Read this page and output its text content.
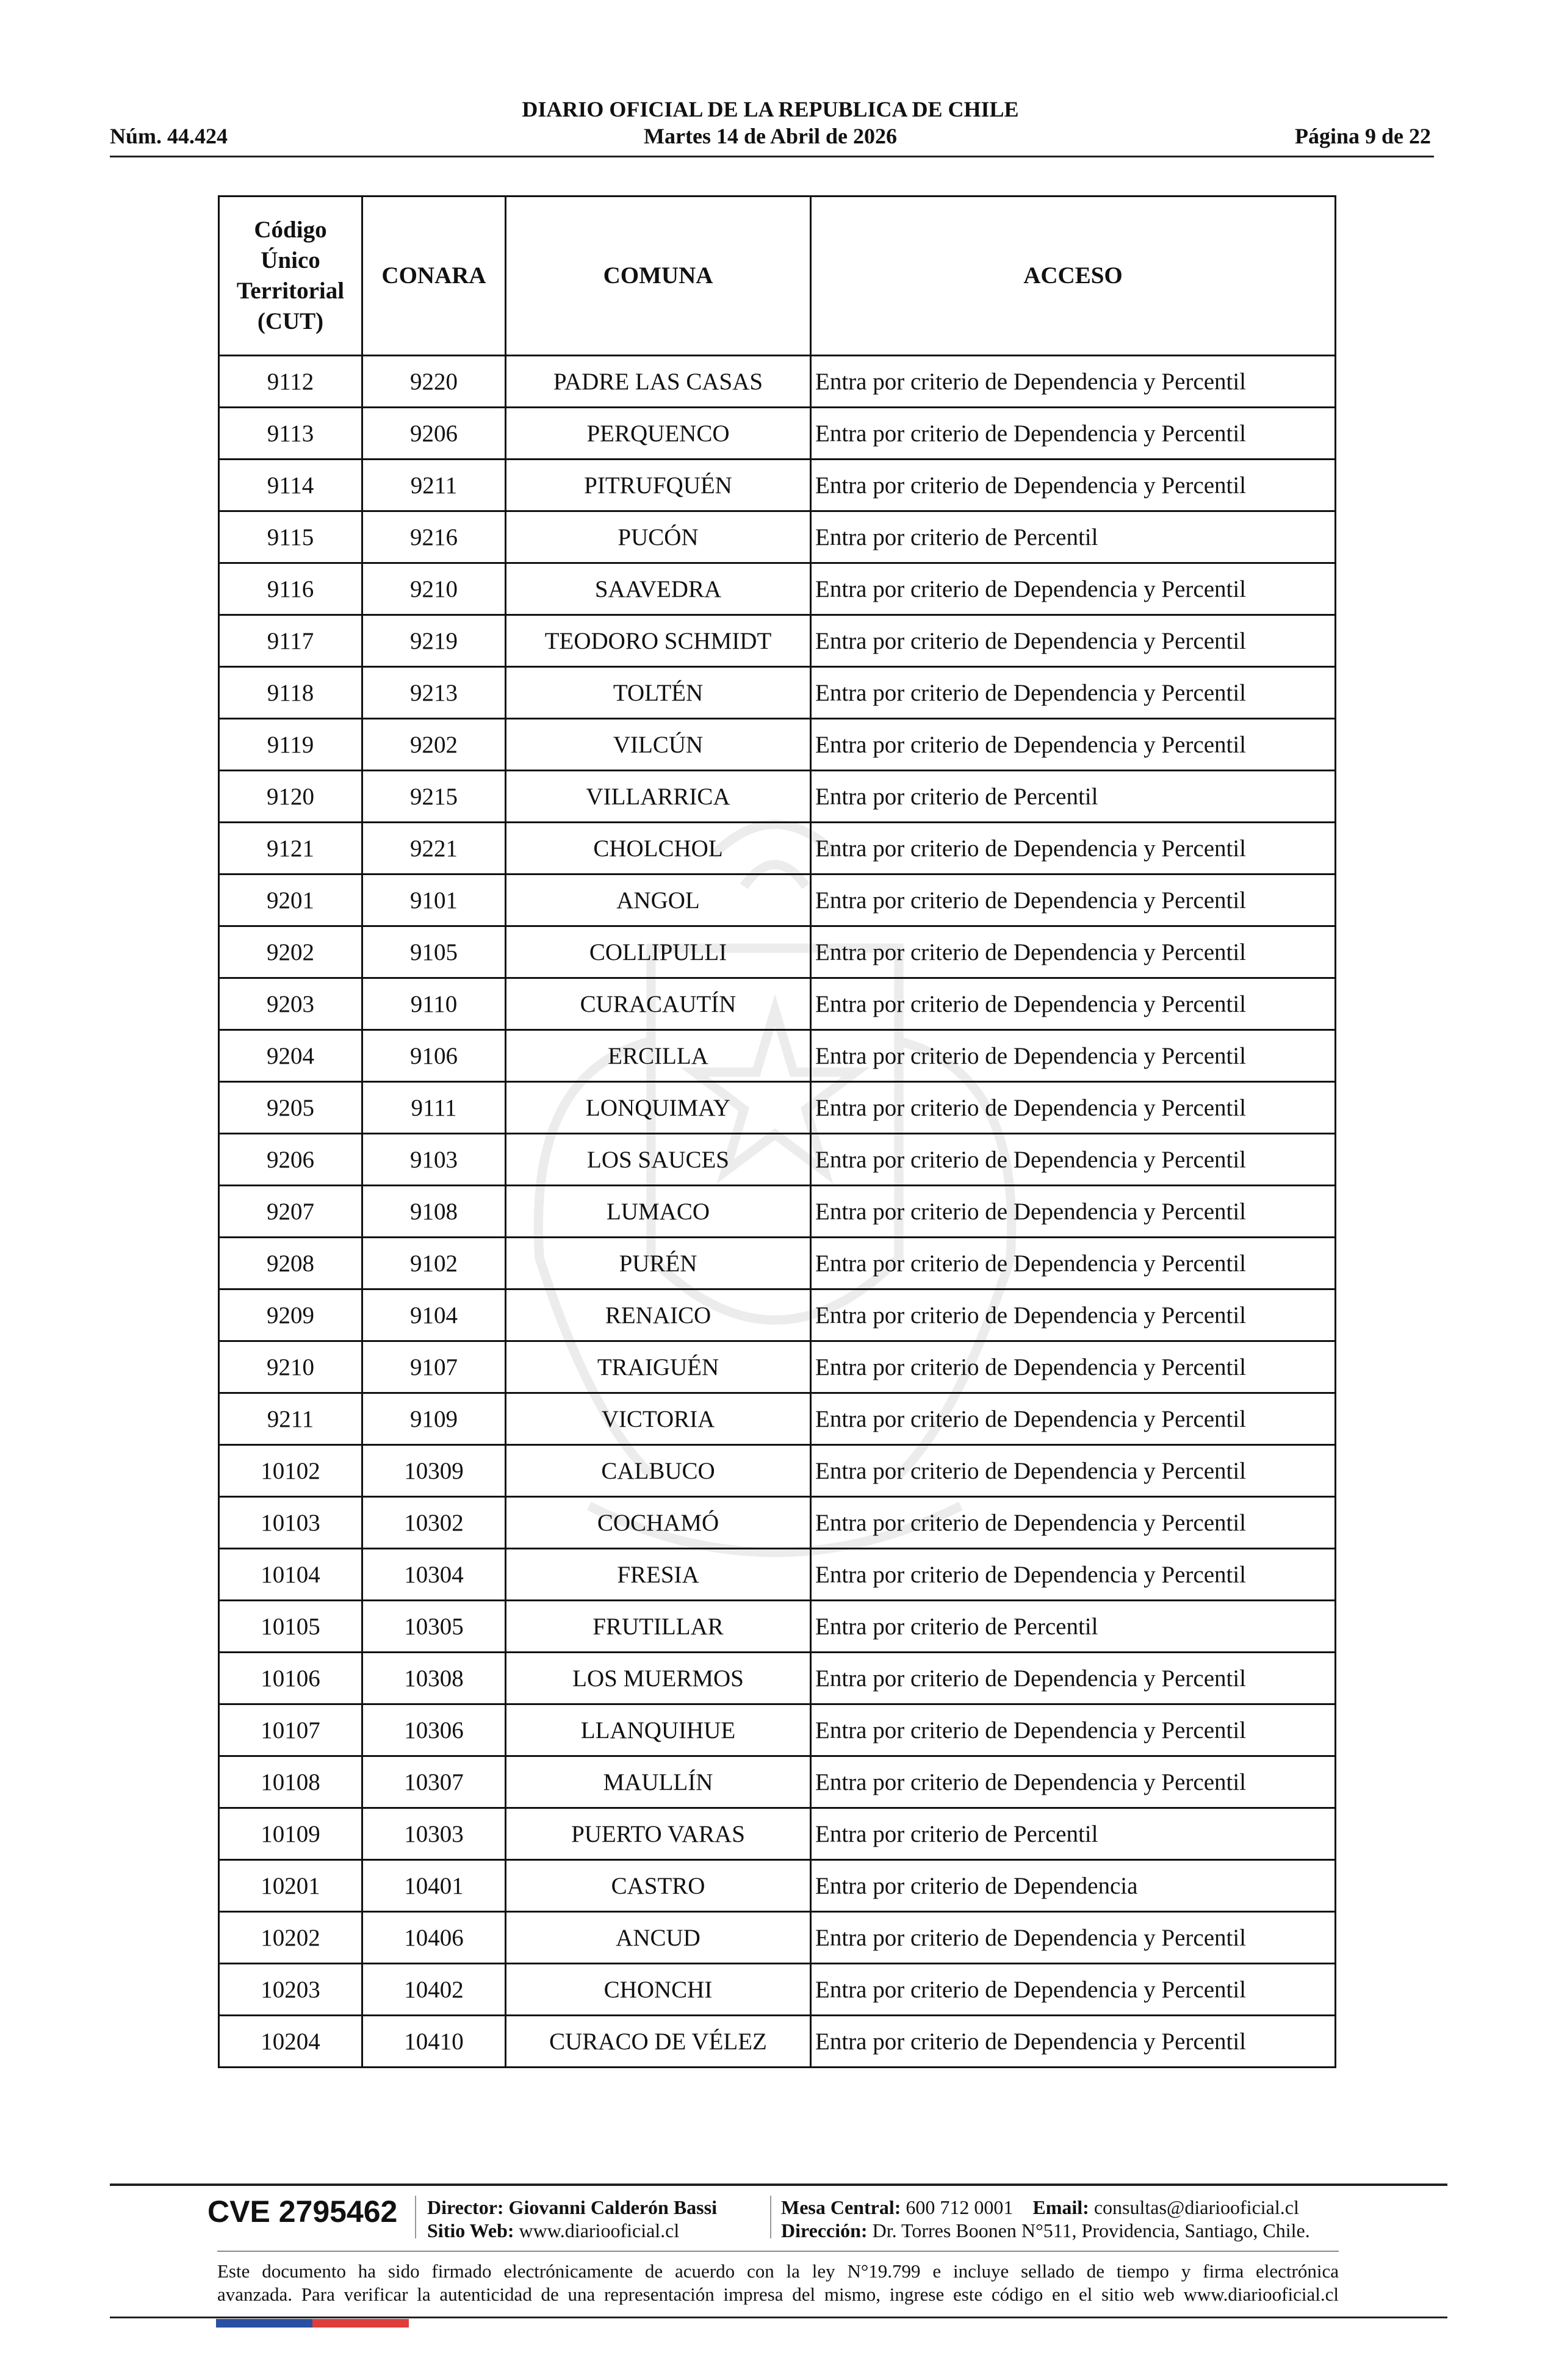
DIARIO OFICIAL DE LA REPUBLICA DE CHILE
Núm. 44.424	Martes 14 de Abril de 2026	Página 9 de 22
Código Único Territorial (CUT)	CONARA	COMUNA	ACCESO
9112	9220	PADRE LAS CASAS	Entra por criterio de Dependencia y Percentil
9113	9206	PERQUENCO	Entra por criterio de Dependencia y Percentil
9114	9211	PITRUFQUÉN	Entra por criterio de Dependencia y Percentil
9115	9216	PUCÓN	Entra por criterio de Percentil
9116	9210	SAAVEDRA	Entra por criterio de Dependencia y Percentil
9117	9219	TEODORO SCHMIDT	Entra por criterio de Dependencia y Percentil
9118	9213	TOLTÉN	Entra por criterio de Dependencia y Percentil
9119	9202	VILCÚN	Entra por criterio de Dependencia y Percentil
9120	9215	VILLARRICA	Entra por criterio de Percentil
9121	9221	CHOLCHOL	Entra por criterio de Dependencia y Percentil
9201	9101	ANGOL	Entra por criterio de Dependencia y Percentil
9202	9105	COLLIPULLI	Entra por criterio de Dependencia y Percentil
9203	9110	CURACAUTÍN	Entra por criterio de Dependencia y Percentil
9204	9106	ERCILLA	Entra por criterio de Dependencia y Percentil
9205	9111	LONQUIMAY	Entra por criterio de Dependencia y Percentil
9206	9103	LOS SAUCES	Entra por criterio de Dependencia y Percentil
9207	9108	LUMACO	Entra por criterio de Dependencia y Percentil
9208	9102	PURÉN	Entra por criterio de Dependencia y Percentil
9209	9104	RENAICO	Entra por criterio de Dependencia y Percentil
9210	9107	TRAIGUÉN	Entra por criterio de Dependencia y Percentil
9211	9109	VICTORIA	Entra por criterio de Dependencia y Percentil
10102	10309	CALBUCO	Entra por criterio de Dependencia y Percentil
10103	10302	COCHAMÓ	Entra por criterio de Dependencia y Percentil
10104	10304	FRESIA	Entra por criterio de Dependencia y Percentil
10105	10305	FRUTILLAR	Entra por criterio de Percentil
10106	10308	LOS MUERMOS	Entra por criterio de Dependencia y Percentil
10107	10306	LLANQUIHUE	Entra por criterio de Dependencia y Percentil
10108	10307	MAULLÍN	Entra por criterio de Dependencia y Percentil
10109	10303	PUERTO VARAS	Entra por criterio de Percentil
10201	10401	CASTRO	Entra por criterio de Dependencia
10202	10406	ANCUD	Entra por criterio de Dependencia y Percentil
10203	10402	CHONCHI	Entra por criterio de Dependencia y Percentil
10204	10410	CURACO DE VÉLEZ	Entra por criterio de Dependencia y Percentil
CVE 2795462	Director: Giovanni Calderón Bassi
Sitio Web: www.diariooficial.cl
Mesa Central: 600 712 0001 Email: consultas@diariooficial.cl
Dirección: Dr. Torres Boonen N°511, Providencia, Santiago, Chile.
Este documento ha sido firmado electrónicamente de acuerdo con la ley N°19.799 e incluye sellado de tiempo y firma electrónica
avanzada. Para verificar la autenticidad de una representación impresa del mismo, ingrese este código en el sitio web www.diariooficial.cl
